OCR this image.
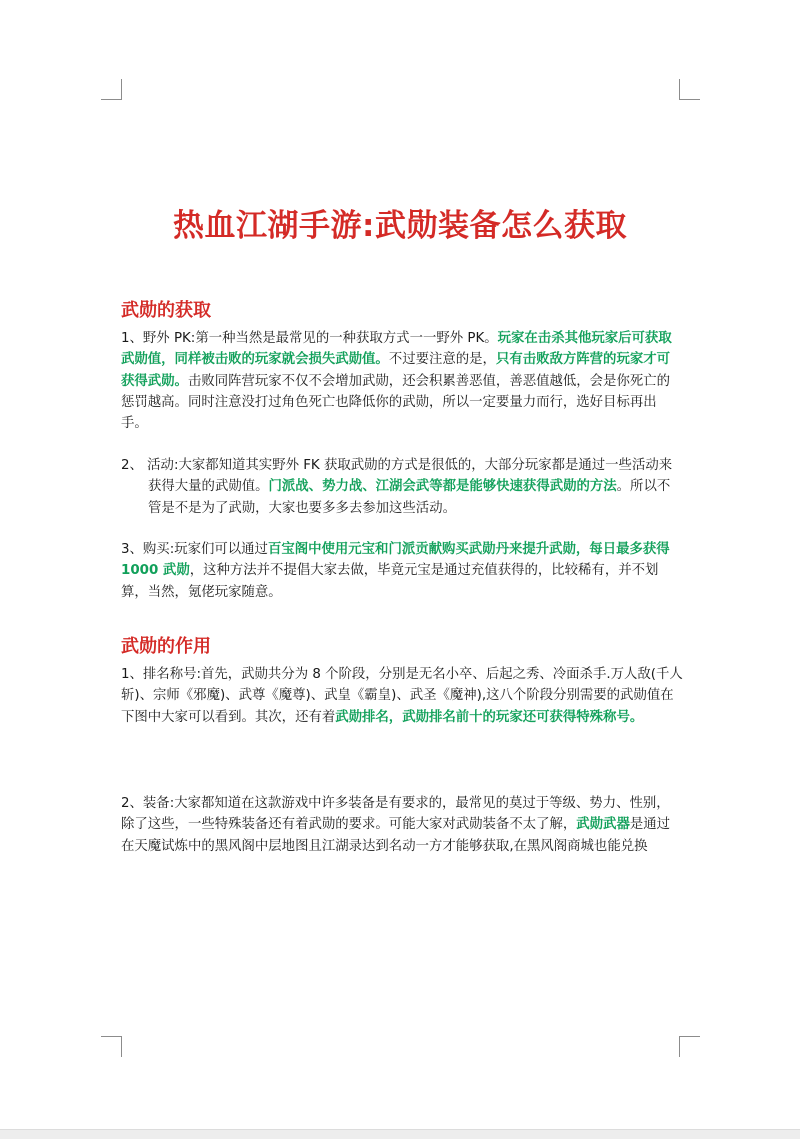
热血江湖手游:武勋装备怎么获取
武勋的获取

1、野外 PK:第一种当然是最常见的一种获取方式一一野外 PK。玩家在击杀其他玩家后可获取武勋值，同样被击败的玩家就会损失武勋值。不过要注意的是，只有击败敌方阵营的玩家才可获得武勋。击败同阵营玩家不仅不会增加武勋，还会积累善恶值，善恶值越低，会是你死亡的惩罚越高。同时注意没打过角色死亡也降低你的武勋，所以一定要量力而行，选好目标再出手。

2、 活动:大家都知道其实野外 FK 获取武勋的方式是很低的，大部分玩家都是通过一些活动来获得大量的武勋值。门派战、势力战、江湖会武等都是能够快速获得武勋的方法。所以不管是不是为了武勋，大家也要多多去参加这些活动。

3、购买:玩家们可以通过百宝阁中使用元宝和门派贡献购买武勋丹来提升武勋，每日最多获得 1000 武勋，这种方法并不提倡大家去做，毕竟元宝是通过充值获得的，比较稀有，并不划算，当然，氪佬玩家随意。

武勋的作用

1、排名称号:首先，武勋共分为 8 个阶段，分别是无名小卒、后起之秀、冷面杀手.万人敌(千人斩)、宗师《邪魔)、武尊《魔尊)、武皇《霸皇)、武圣《魔神),这八个阶段分别需要的武勋值在下图中大家可以看到。其次，还有着武勋排名，武勋排名前十的玩家还可获得特殊称号。

2、装备:大家都知道在这款游戏中许多装备是有要求的，最常见的莫过于等级、势力、性别，除了这些，一些特殊装备还有着武勋的要求。可能大家对武勋装备不太了解，武勋武器是通过在天魔试炼中的黑风阁中层地图且江湖录达到名动一方才能够获取,在黑风阁商城也能兑换
